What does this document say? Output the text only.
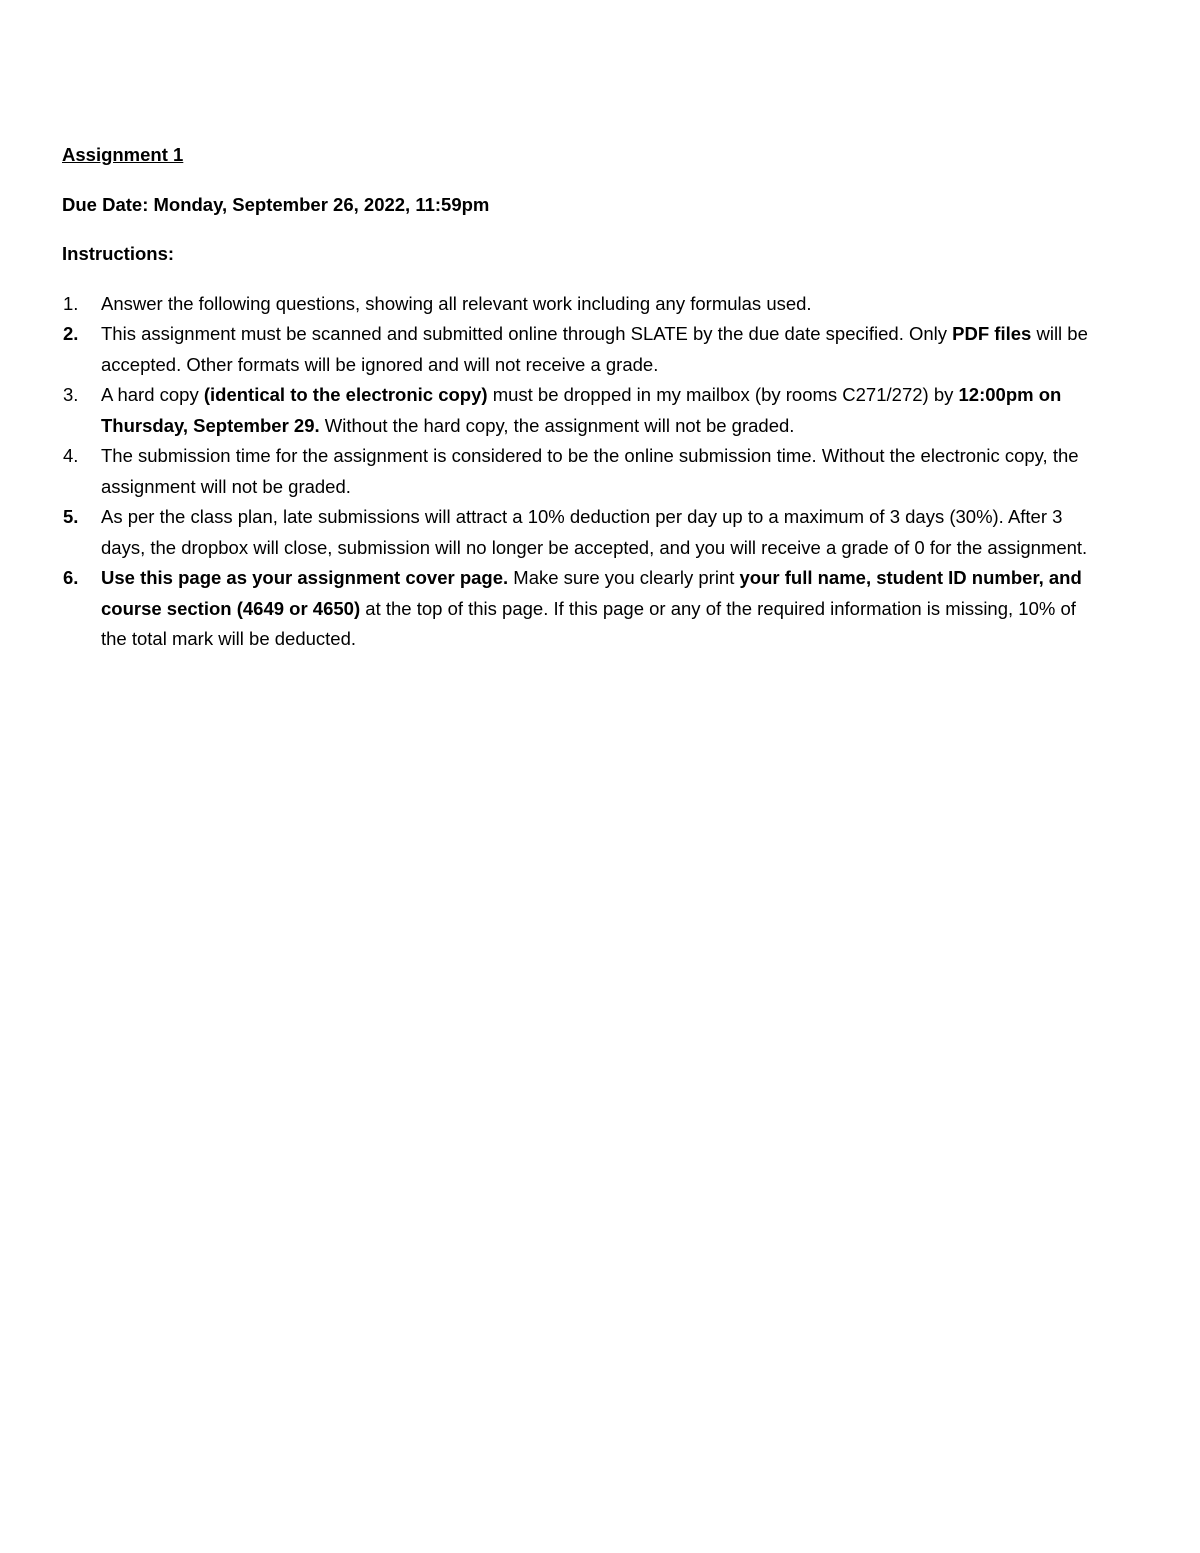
Assignment 1
Due Date: Monday, September 26, 2022, 11:59pm
Instructions:
1.	Answer the following questions, showing all relevant work including any formulas used.
2.	This assignment must be scanned and submitted online through SLATE by the due date specified. Only PDF files will be accepted. Other formats will be ignored and will not receive a grade.
3.	A hard copy (identical to the electronic copy) must be dropped in my mailbox (by rooms C271/272) by 12:00pm on Thursday, September 29. Without the hard copy, the assignment will not be graded.
4.	The submission time for the assignment is considered to be the online submission time. Without the electronic copy, the assignment will not be graded.
5.	As per the class plan, late submissions will attract a 10% deduction per day up to a maximum of 3 days (30%). After 3 days, the dropbox will close, submission will no longer be accepted, and you will receive a grade of 0 for the assignment.
6.	Use this page as your assignment cover page. Make sure you clearly print your full name, student ID number, and course section (4649 or 4650) at the top of this page. If this page or any of the required information is missing, 10% of the total mark will be deducted.
